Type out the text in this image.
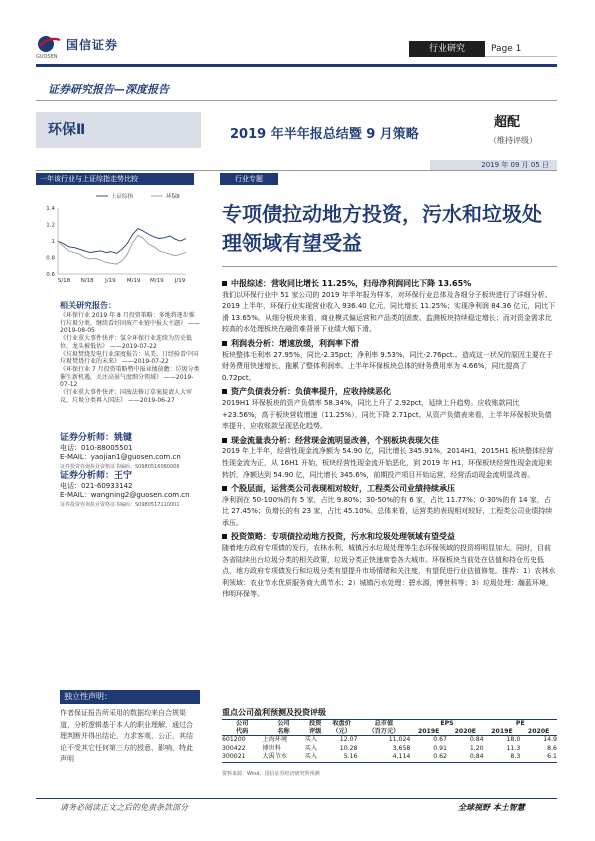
国信证券
GUOSEN
行业研究	Page 1
证券研究报告—深度报告
环保Ⅱ	2019 年半年报总结暨 9 月策略
超配
（维持评级）
2019 年 09 月 05 日
一年该行业与上证综指走势比较
1.4
1.2
1
0.8
0.6
S/18 N/18 J/19 M/19 M/19 J/19
上证综指	环保Ⅱ
相关研究报告：
《环保行业 2019 年 8 月投资策略：多地将逐步推行垃圾分类，继续看好固废产业链中报大主题》 ——2019-08-05
《行业重大事件快评：氢全环保行业连续为历史低位，龙头被低估》 ——2019-07-22
《垃圾焚烧发电行业深度报告：从美、日经验看中国垃圾焚烧行业的未来》 ——2019-07-22
《环保行业 7 月投资策略暨中报业绩前瞻：垃圾分类催生新机遇，关注高景气度细分领域》 ——2019-07-12
《行业重大事件快评：国废法修订草案提请人大审议，垃圾分类再入国法》 ——2019-06-27
证券分析师：姚键
电话：010-88005501
E-MAIL：yaojian1@guosen.com.cn
证券投资咨询执业资格证书编码：S0980516080006
证券分析师：王宁
电话：021-60933142
E-MAIL：wangning2@guosen.com.cn
证券投资咨询执业资格证书编码：S0980517110001
独立性声明：
作者保证报告所采用的数据均来自合规渠道，分析逻辑基于本人的职业理解，通过合理判断并得出结论，力求客观、公正，其结论不受其它任何第三方的授意、影响，特此声明
行业专题
专项债拉动地方投资，污水和垃圾处理领域有望受益
中报综述：营收同比增长 11.25%，归母净利润同比下降 13.65%
我们以环保行业中 51 家公司的 2019 年半年报为样本，对环保行业总体及各细分子板块进行了详细分析。2019 上半年，环保行业实现营业收入 936.40 亿元，同比增长 11.25%；实现净利润 84.36 亿元，同比下滑 13.65%。从细分板块来看，商业模式偏运营和产品类的固废、监测板块持续稳定增长；而对资金需求比较高的水处理板块在融资难背景下业绩大幅下滑。
利润表分析：增速放缓，利润率下滑
板块整体毛利率 27.95%，同比-2.35pct；净利率 9.53%，同比-2.76pct.。造成这一状况的原因主要在于财务费用快速增长，拖累了整体利润率。上半年环保板块总体的财务费用率为 4.66%，同比提高了 0.72pct。
资产负债表分析：负债率提升，应收持续恶化
2019H1 环保板块的资产负债率 58.34%，同比上升了 2.92pct，延续上升趋势。应收账款同比+23.56%，高于板块营收增速（11.25%），同比下降 2.71pct。从资产负债表来看，上半年环保板块负债率提升，应收账款呈现恶化趋势。
现金流量表分析：经营现金流明显改善，个别板块表现欠佳
2019 年上半年，经营性现金流净额为 54.90 亿，同比增长 345.91%，2014H1，2015H1 板块整体经营性现金流为正，从 16H1 开始，板块经营性现金流开始恶化，到 2019 年 H1，环保板块经营性现金流迎来转折，净额达到 54.90 亿，同比增长 345.6%，前期投产项目开始运营，经营活动现金流明显改善。
个股层面，运营类公司表现相对较好，工程类公司业绩持续承压
净利润在 50-100%的有 5 家，占比 9.80%；30-50%的有 6 家，占比 11.77%；0-30%的有 14 家，占比 27.45%；负增长的有 23 家，占比 45.10%。总体来看，运营类的表现相对较好，工程类公司业绩持续承压。
投资策略：专项债拉动地方投资，污水和垃圾处理领域有望受益
随着地方政府专项债的发行，农林水利、城镇污水垃圾处理等生态环保领域的投资将明显加大。同时，目前各省陆续出台垃圾分类的相关政策，垃圾分类正快速席卷各大城市。环保板块当前处在估值和持仓历史低点，地方政府专项债发行和垃圾分类有望提升市场情绪和关注度，有望促进行业估值修复。推荐：1）农林水利领域：农业节水优质服务商大禹节水；2）城镇污水处理：碧水源，博世科等；3）垃圾处理：瀚蓝环境，伟明环保等。
重点公司盈利预测及投资评级
公司	公司	投资	收盘价	总市值	EPS		PE	
代码	名称	评级	（元）	（百万元）	2019E	2020E	2019E	2020E
601200	上海环境	买入	12.07	11,024	0.67	0.84	18.0	14.9
300422	博世科	买入	10.28	3,658	0.91	1.20	11.3	8.6
300021	大禹节水	买入	5.16	4,114	0.62	0.84	8.3	6.1
资料来源：Wind、国信证券经济研究所预测
请务必阅读正文之后的免责条款部分	全球视野 本土智慧
